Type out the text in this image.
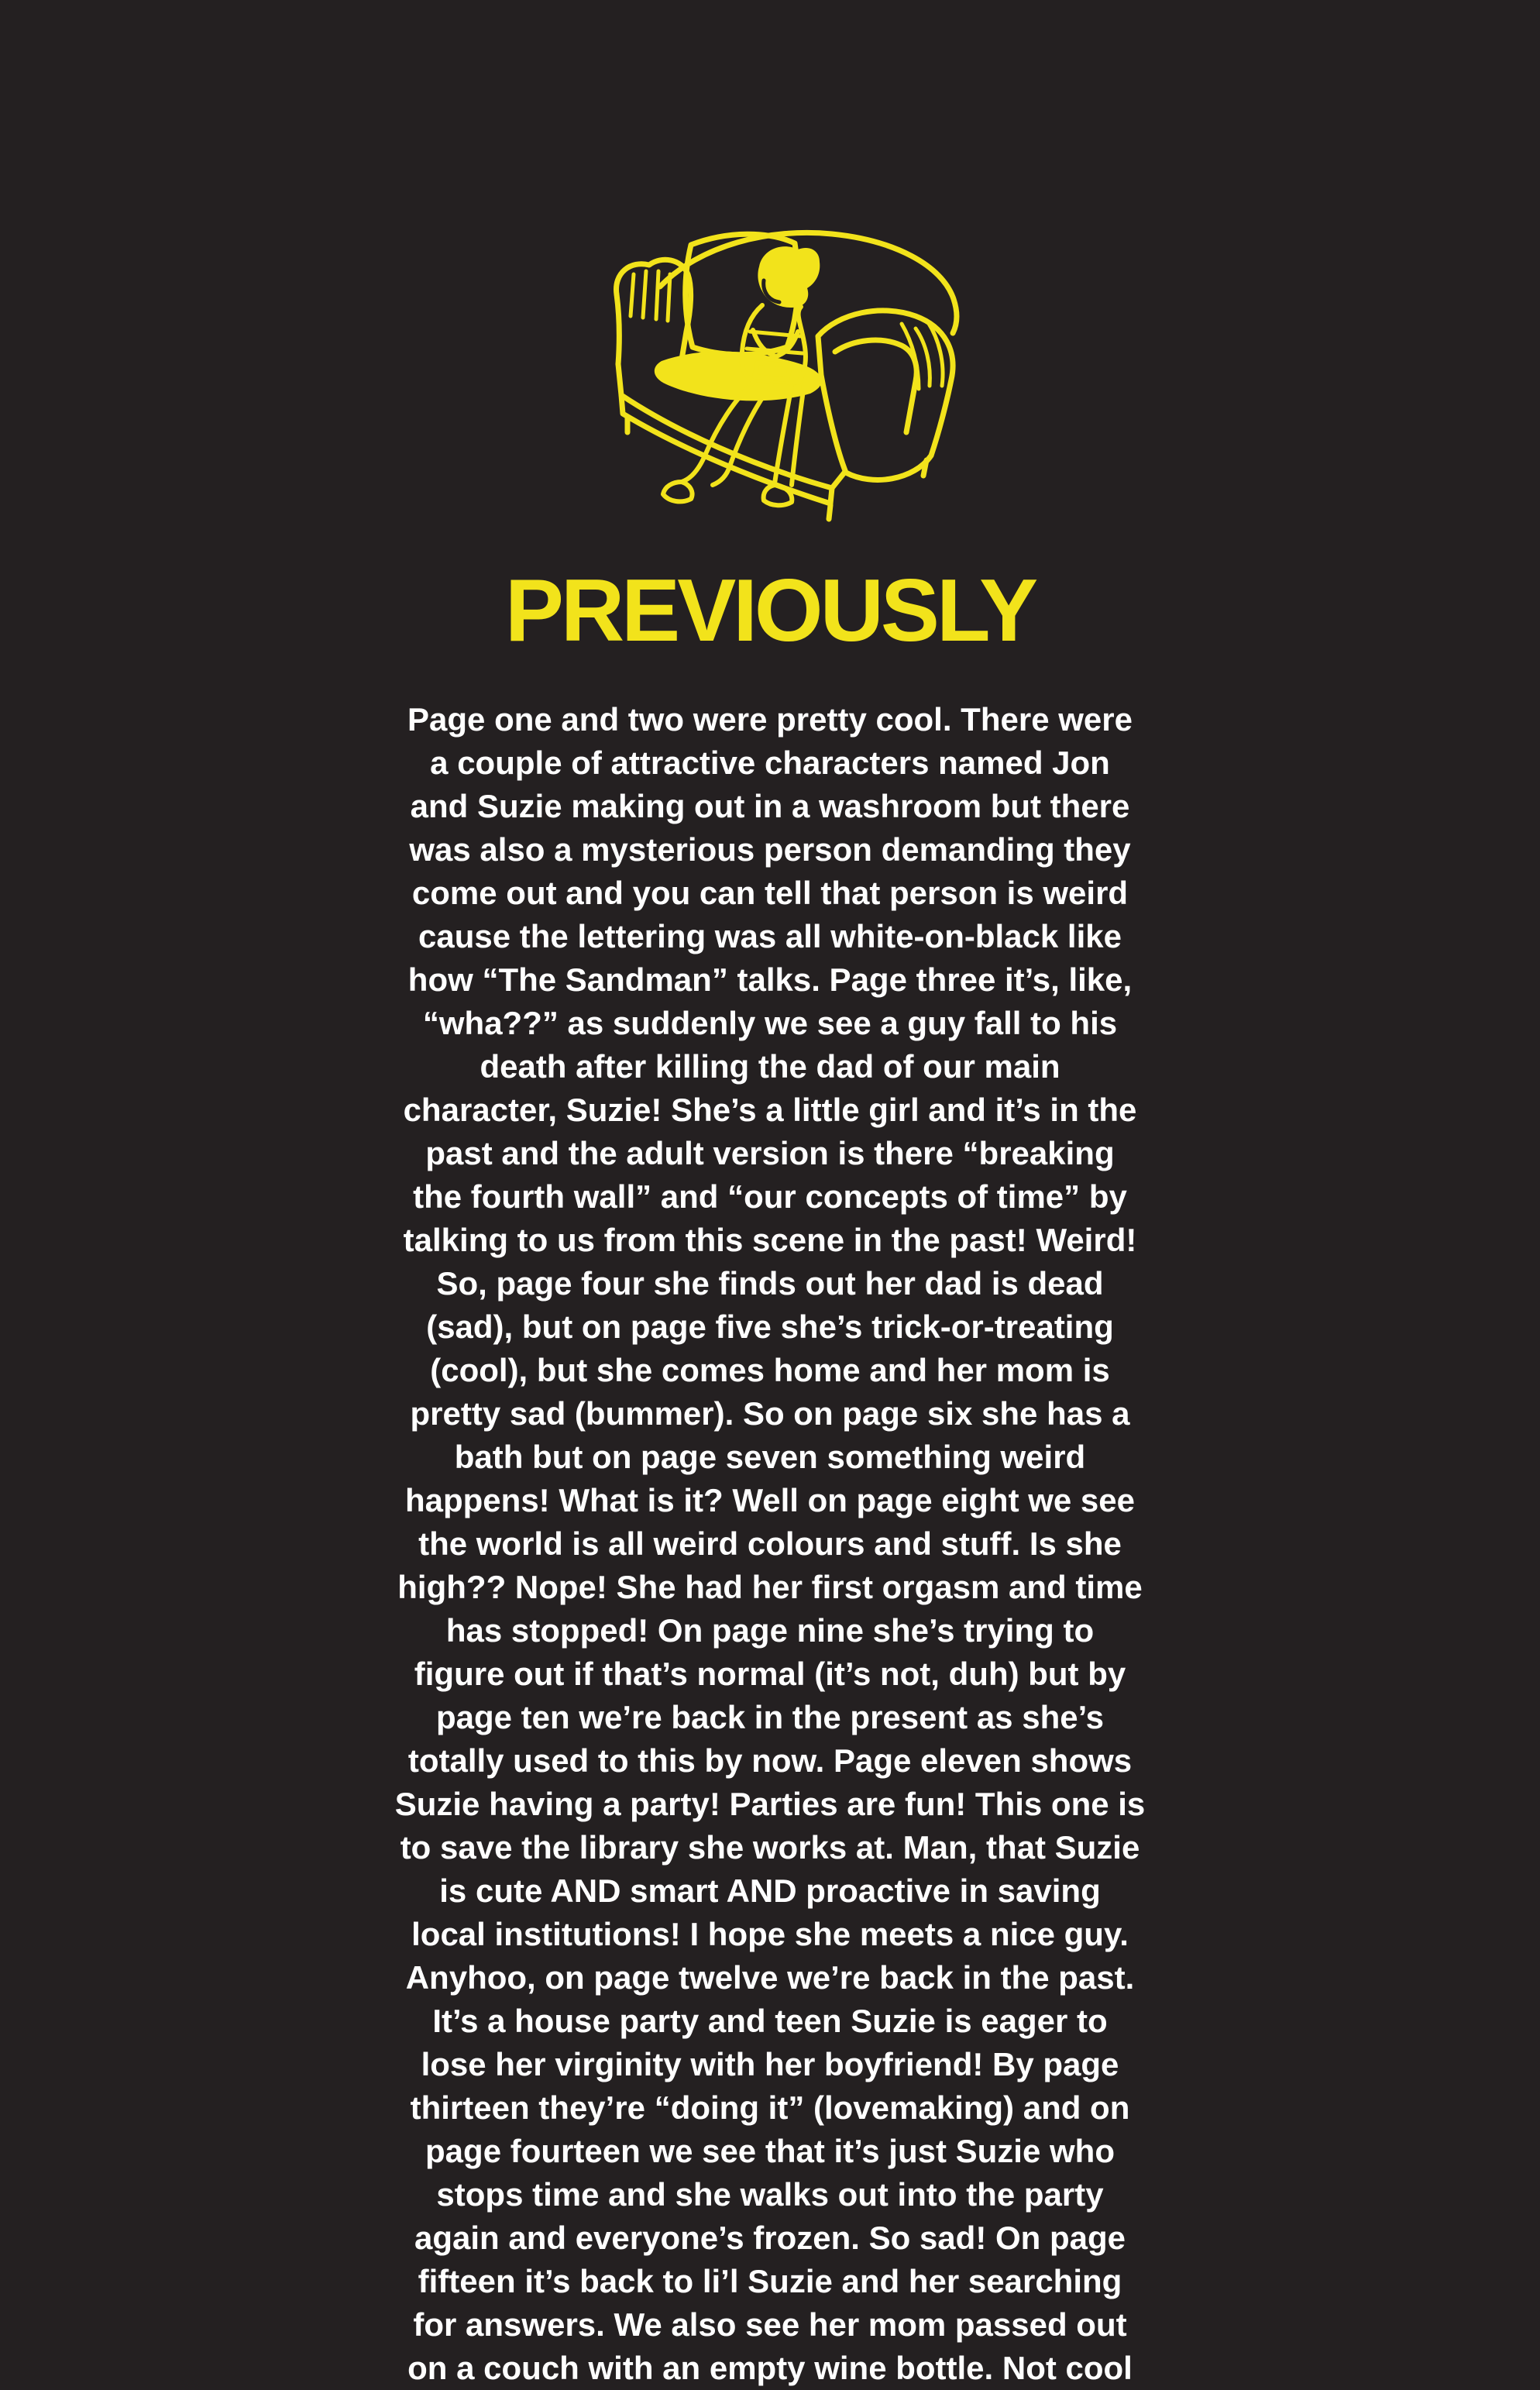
PREVIOUSLY
Page one and two were pretty cool. There were
a couple of attractive characters named Jon
and Suzie making out in a washroom but there
was also a mysterious person demanding they
come out and you can tell that person is weird
cause the lettering was all white-on-black like
how “The Sandman” talks. Page three it’s, like,
“wha??” as suddenly we see a guy fall to his
death after killing the dad of our main
character, Suzie! She’s a little girl and it’s in the
past and the adult version is there “breaking
the fourth wall” and “our concepts of time” by
talking to us from this scene in the past! Weird!
So, page four she finds out her dad is dead
(sad), but on page five she’s trick-or-treating
(cool), but she comes home and her mom is
pretty sad (bummer). So on page six she has a
bath but on page seven something weird
happens! What is it? Well on page eight we see
the world is all weird colours and stuff. Is she
high?? Nope! She had her first orgasm and time
has stopped! On page nine she’s trying to
figure out if that’s normal (it’s not, duh) but by
page ten we’re back in the present as she’s
totally used to this by now. Page eleven shows
Suzie having a party! Parties are fun! This one is
to save the library she works at. Man, that Suzie
is cute AND smart AND proactive in saving
local institutions! I hope she meets a nice guy.
Anyhoo, on page twelve we’re back in the past.
It’s a house party and teen Suzie is eager to
lose her virginity with her boyfriend! By page
thirteen they’re “doing it” (lovemaking) and on
page fourteen we see that it’s just Suzie who
stops time and she walks out into the party
again and everyone’s frozen. So sad! On page
fifteen it’s back to li’l Suzie and her searching
for answers. We also see her mom passed out
on a couch with an empty wine bottle. Not cool
